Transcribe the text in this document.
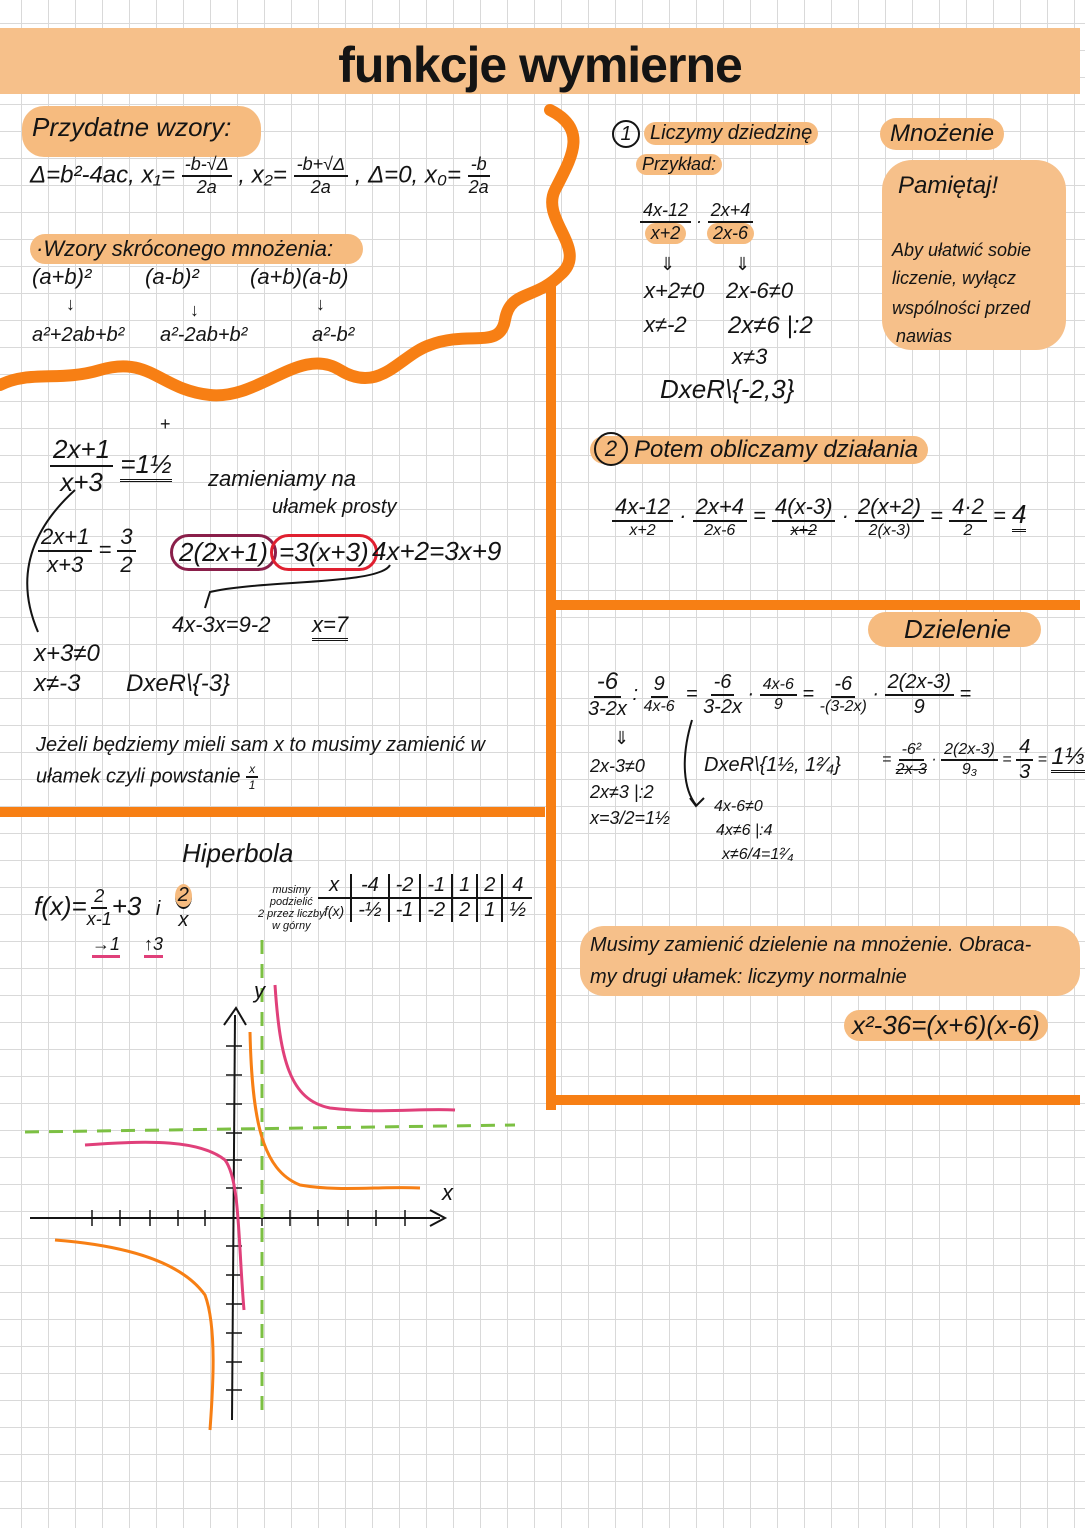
funkcje wymierne
Przydatne wzory:
Δ=b²-4ac, $x_1= \frac{-b-√\Delta}{2a}$ , $x_2= \frac{-b+√\Delta}{2a}$ , Δ=0, $x_0= \frac{-b}{2a}$
·Wzory skróconego mnożenia:
(a+b)² (a-b)² (a+b)(a-b)
↓	↓	↓
a²+2ab+b² a²-2ab+b²	a²-b²
+
$\frac{2x+1}{x+3}$ =1½ zamieniamy na
ułamek prosty
$\frac{2x+1}{x+3} = \frac{3}{2}$	2(2x+1) =3(x+3) 4x+2=3x+9
4x-3x=9-2 x=7
x+3≠0
x≠-3 DxeR\{-3}
Jeżeli będziemy mieli sam x to musimy zamienić w
ułamek czyli powstanie $\frac{x}{1}$
1 Liczymy dziedzinę
Przykład:
$\frac{4x-12}{x+2} \cdot \frac{2x+4}{2x-6}$
⇓	⇓
x+2≠0
x≠-2
2x-6≠0
2x≠6 |:2
x≠3
DxeR\{-2,3}
2 Potem obliczamy działania
$\frac{4x-12}{x+2} \cdot \frac{2x+4}{2x-6} = \frac{4(x-3)}{x+2} \cdot \frac{2(x+2)}{2(x-3)} = \frac{4\cdot 2}{2} = 4$
Mnożenie
Pamiętaj!
Aby ułatwić sobie
liczenie, wyłącz
wspólności przed
nawias
Dzielenie
$\frac{-6}{3-2x}$ : $\frac{9}{4x-6} = \frac{-6}{3-2x} \cdot \frac{4x-6}{9} = \frac{-6}{-(3-2x)} \cdot \frac{2(2x-3)}{9}$ =
= $\frac{\text{-6²}}{2x-3} \cdot \frac{2(2x-3)}{\text{9₃}} = \frac{4}{3}$ = 1⅓
⇓
DxeR\{1½, 1²⁄₄}
2x-3≠0
2x≠3 |:2
x=3/2=1½
4x-6≠0
4x≠6 |:4
x≠6/4=1²⁄₄
Musimy zamienić dzielenie na mnożenie. Obraca-
my drugi ułamek: liczymy normalnie
x²-36=(x+6)(x-6)
Hiperbola
$f(x)= \frac{2}{x-1} +3$ i $\frac{2}{x}$
→1 ↑3
musimy
podzielić
2 przez liczby
w górny
x	-4	-2	-1	1	2	4
f(x)	-½	-1	-2	2	1	½
x
y
